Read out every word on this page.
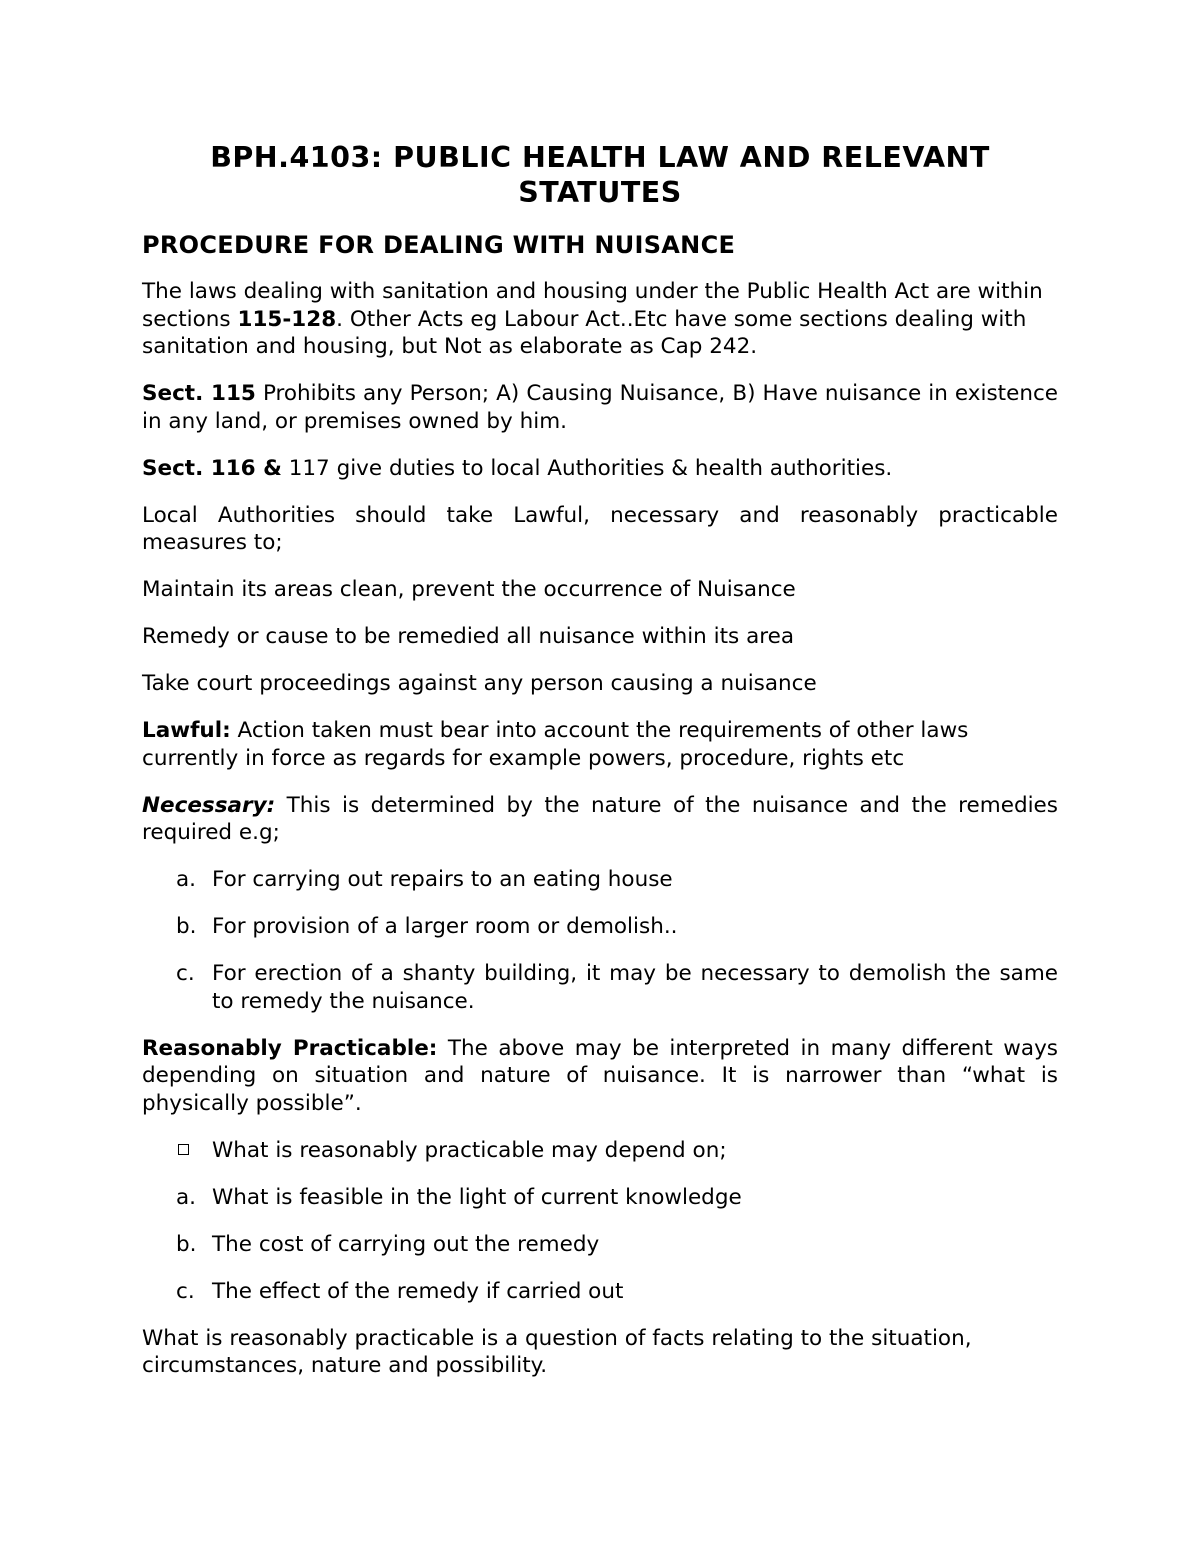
BPH.4103: PUBLIC HEALTH LAW AND RELEVANT
STATUTES
PROCEDURE FOR DEALING WITH NUISANCE

The laws dealing with sanitation and housing under the Public Health Act are within sections 115-128. Other Acts eg Labour Act..Etc have some sections dealing with sanitation and housing, but Not as elaborate as Cap 242.

Sect. 115 Prohibits any Person; A) Causing Nuisance, B) Have nuisance in existence in any land, or premises owned by him.

Sect. 116 & 117 give duties to local Authorities & health authorities.

Local Authorities should take Lawful, necessary and reasonably practicable measures to;

Maintain its areas clean, prevent the occurrence of Nuisance

Remedy or cause to be remedied all nuisance within its area

Take court proceedings against any person causing a nuisance

Lawful: Action taken must bear into account the requirements of other laws currently in force as regards for example powers, procedure, rights etc

Necessary: This is determined by the nature of the nuisance and the remedies required e.g;

a. For carrying out repairs to an eating house
b. For provision of a larger room or demolish..
c. For erection of a shanty building, it may be necessary to demolish the same to remedy the nuisance.

Reasonably Practicable: The above may be interpreted in many different ways depending on situation and nature of nuisance. It is narrower than “what is physically possible”.

What is reasonably practicable may depend on;
a. What is feasible in the light of current knowledge
b. The cost of carrying out the remedy
c. The effect of the remedy if carried out

What is reasonably practicable is a question of facts relating to the situation, circumstances, nature and possibility.
